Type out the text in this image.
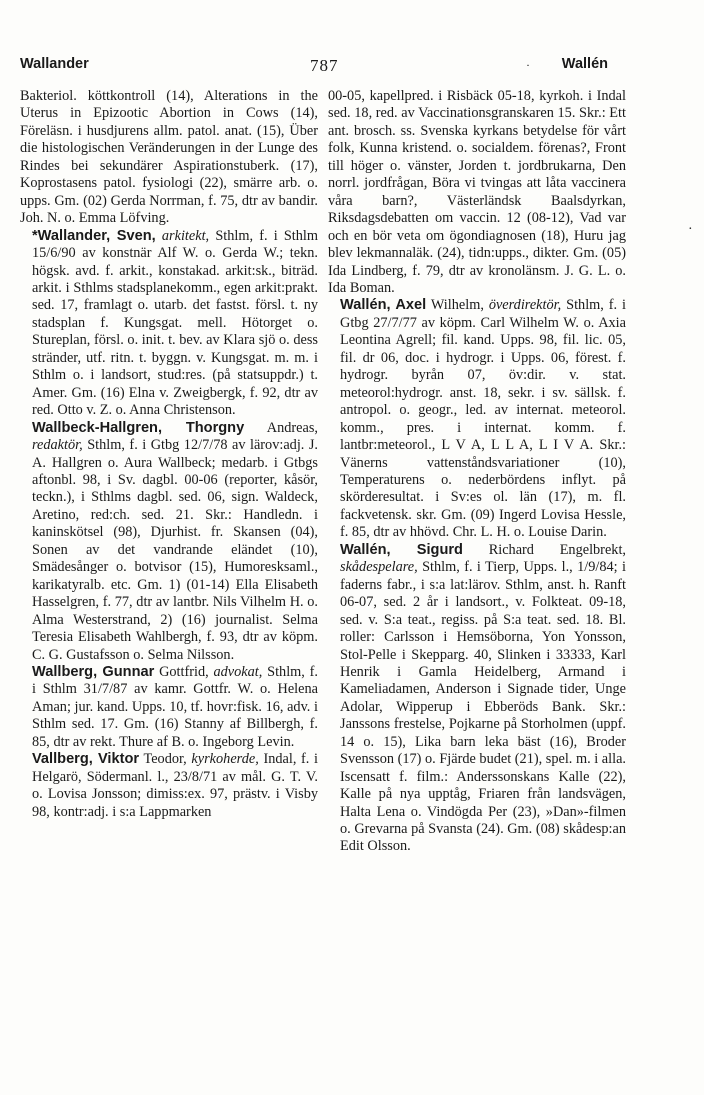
Wallander	787	· Wallén
·

Bakteriol. köttkontroll (14), Alterations in the Uterus in Epizootic Abortion in Cows (14), Föreläsn. i husdjurens allm. patol. anat. (15), Über die histologischen Veränderungen in der Lunge des Rindes bei sekundärer Aspirationstuberk. (17), Koprostasens patol. fysiologi (22), smärre arb. o. upps. Gm. (02) Gerda Norrman, f. 75, dtr av bandir. Joh. N. o. Emma Löfving.

*Wallander, Sven, arkitekt, Sthlm, f. i Sthlm 15/6/90 av konstnär Alf W. o. Gerda W.; tekn. högsk. avd. f. arkit., konstakad. arkit:sk., biträd. arkit. i Sthlms stadsplanekomm., egen arkit:prakt. sed. 17, framlagt o. utarb. det fastst. försl. t. ny stadsplan f. Kungsgat. mell. Hötorget o. Stureplan, försl. o. init. t. bev. av Klara sjö o. dess stränder, utf. ritn. t. byggn. v. Kungsgat. m. m. i Sthlm o. i landsort, stud:res. (på statsuppdr.) t. Amer. Gm. (16) Elna v. Zweigbergk, f. 92, dtr av red. Otto v. Z. o. Anna Christenson.

Wallbeck-Hallgren, Thorgny Andreas, redaktör, Sthlm, f. i Gtbg 12/7/78 av lärov:adj. J. A. Hallgren o. Aura Wallbeck; medarb. i Gtbgs aftonbl. 98, i Sv. dagbl. 00-06 (reporter, kåsör, teckn.), i Sthlms dagbl. sed. 06, sign. Waldeck, Aretino, red:ch. sed. 21. Skr.: Handledn. i kaninskötsel (98), Djurhist. fr. Skansen (04), Sonen av det vandrande eländet (10), Smädesånger o. botvisor (15), Humoresksaml., karikatyralb. etc. Gm. 1) (01-14) Ella Elisabeth Hasselgren, f. 77, dtr av lantbr. Nils Vilhelm H. o. Alma Westerstrand, 2) (16) journalist. Selma Teresia Elisabeth Wahlbergh, f. 93, dtr av köpm. C. G. Gustafsson o. Selma Nilsson.

Wallberg, Gunnar Gottfrid, advokat, Sthlm, f. i Sthlm 31/7/87 av kamr. Gottfr. W. o. Helena Aman; jur. kand. Upps. 10, tf. hovr:fisk. 16, adv. i Sthlm sed. 17. Gm. (16) Stanny af Billbergh, f. 85, dtr av rekt. Thure af B. o. Ingeborg Levin.

Vallberg, Viktor Teodor, kyrkoherde, Indal, f. i Helgarö, Södermanl. l., 23/8/71 av mål. G. T. V. o. Lovisa Jonsson; dimiss:ex. 97, prästv. i Visby 98, kontr:adj. i s:a Lappmarken

00-05, kapellpred. i Risbäck 05-18, kyrkoh. i Indal sed. 18, red. av Vaccinationsgranskaren 15. Skr.: Ett ant. brosch. ss. Svenska kyrkans betydelse för vårt folk, Kunna kristend. o. socialdem. förenas?, Front till höger o. vänster, Jorden t. jordbrukarna, Den norrl. jordfrågan, Böra vi tvingas att låta vaccinera våra barn?, Västerländsk Baalsdyrkan, Riksdagsdebatten om vaccin. 12 (08-12), Vad var och en bör veta om ögondiagnosen (18), Huru jag blev lekmannaläk. (24), tidn:upps., dikter. Gm. (05) Ida Lindberg, f. 79, dtr av kronolänsm. J. G. L. o. Ida Boman.

Wallén, Axel Wilhelm, överdirektör, Sthlm, f. i Gtbg 27/7/77 av köpm. Carl Wilhelm W. o. Axia Leontina Agrell; fil. kand. Upps. 98, fil. lic. 05, fil. dr 06, doc. i hydrogr. i Upps. 06, förest. f. hydrogr. byrån 07, öv:dir. v. stat. meteorol:hydrogr. anst. 18, sekr. i sv. sällsk. f. antropol. o. geogr., led. av internat. meteorol. komm., pres. i internat. komm. f. lantbr:meteorol., L V A, L L A, L I V A. Skr.: Vänerns vattenståndsvariationer (10), Temperaturens o. nederbördens inflyt. på skörderesultat. i Sv:es ol. län (17), m. fl. fackvetensk. skr. Gm. (09) Ingerd Lovisa Hessle, f. 85, dtr av hhövd. Chr. L. H. o. Louise Darin.

Wallén, Sigurd Richard Engelbrekt, skådespelare, Sthlm, f. i Tierp, Upps. l., 1/9/84; i faderns fabr., i s:a lat:lärov. Sthlm, anst. h. Ranft 06-07, sed. 2 år i landsort., v. Folkteat. 09-18, sed. v. S:a teat., regiss. på S:a teat. sed. 18. Bl. roller: Carlsson i Hemsöborna, Yon Yonsson, Stol-Pelle i Skepparg. 40, Slinken i 33333, Karl Henrik i Gamla Heidelberg, Armand i Kameliadamen, Anderson i Signade tider, Unge Adolar, Wipperup i Ebberöds Bank. Skr.: Janssons frestelse, Pojkarne på Storholmen (uppf. 14 o. 15), Lika barn leka bäst (16), Broder Svensson (17) o. Fjärde budet (21), spel. m. i alla. Iscensatt f. film.: Anderssonskans Kalle (22), Kalle på nya upptåg, Friaren från landsvägen, Halta Lena o. Vindögda Per (23), »Dan»-filmen o. Grevarna på Svansta (24). Gm. (08) skådesp:an Edit Olsson.
